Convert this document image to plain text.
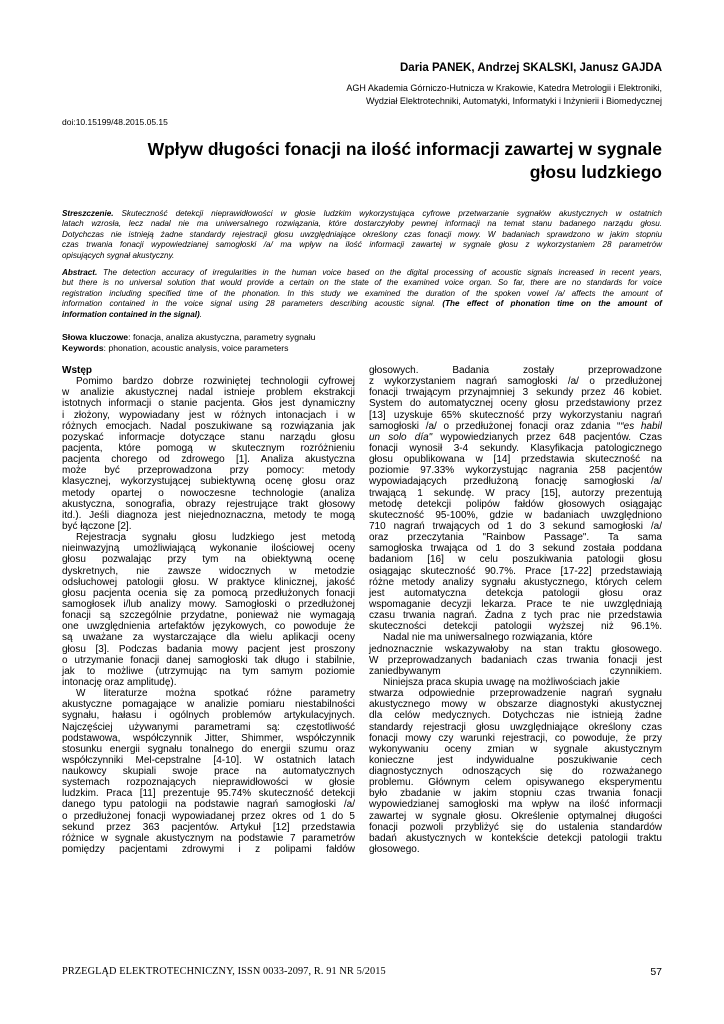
Daria PANEK, Andrzej SKALSKI, Janusz GAJDA
AGH Akademia Górniczo-Hutnicza w Krakowie, Katedra Metrologii i Elektroniki,
Wydział Elektrotechniki, Automatyki, Informatyki i Inżynierii i Biomedycznej
doi:10.15199/48.2015.05.15
Wpływ długości fonacji na ilość informacji zawartej w sygnale
głosu ludzkiego
Streszczenie. Skuteczność detekcji nieprawidłowości w głosie ludzkim wykorzystująca cyfrowe przetwarzanie sygnałów akustycznych w ostatnich
latach wzrosła, lecz nadal nie ma uniwersalnego rozwiązania, które dostarczyłoby pewnej informacji na temat stanu badanego narządu głosu.
Dotychczas nie istnieją żadne standardy rejestracji głosu uwzględniające określony czas fonacji mowy. W badaniach sprawdzono w jakim stopniu
czas trwania fonacji wypowiedzianej samogłoski /a/ ma wpływ na ilość informacji zawartej w sygnale głosu z wykorzystaniem 28 parametrów
opisujących sygnał akustyczny.
Abstract. The detection accuracy of irregularities in the human voice based on the digital processing of acoustic signals increased in recent years,
but there is no universal solution that would provide a certain on the state of the examined voice organ. So far, there are no standards for voice
registration including specified time of the phonation. In this study we examined the duration of the spoken vowel /a/ affects the amount of
information contained in the voice signal using 28 parameters describing acoustic signal. (The effect of phonation time on the amount of
information contained in the signal).
Słowa kluczowe: fonacja, analiza akustyczna, parametry sygnału
Keywords: phonation, acoustic analysis, voice parameters
Wstęp
Pomimo bardzo dobrze rozwiniętej technologii cyfrowej
w analizie akustycznej nadal istnieje problem ekstrakcji
istotnych informacji o stanie pacjenta. Głos jest dynamiczny
i złożony, wypowiadany jest w różnych intonacjach i w
różnych emocjach. Nadal poszukiwane są rozwiązania jak
pozyskać informacje dotyczące stanu narządu głosu
pacjenta, które pomogą w skutecznym rozróżnieniu
pacjenta chorego od zdrowego [1]. Analiza akustyczna
może być przeprowadzona przy pomocy: metody
klasycznej, wykorzystującej subiektywną ocenę głosu oraz
metody opartej o nowoczesne technologie (analiza
akustyczna, sonografia, obrazy rejestrujące trakt głosowy
itd.). Jeśli diagnoza jest niejednoznaczna, metody te mogą
być łączone [2].
Rejestracja sygnału głosu ludzkiego jest metodą
nieinwazyjną umożliwiającą wykonanie ilościowej oceny
głosu pozwalając przy tym na obiektywną ocenę
dyskretnych, nie zawsze widocznych w metodzie
odsłuchowej patologii głosu. W praktyce klinicznej, jakość
głosu pacjenta ocenia się za pomocą przedłużonych fonacji
samogłosek i/lub analizy mowy. Samogłoski o przedłużonej
fonacji są szczególnie przydatne, ponieważ nie wymagają
one uwzględnienia artefaktów językowych, co powoduje że
są uważane za wystarczające dla wielu aplikacji oceny
głosu [3]. Podczas badania mowy pacjent jest proszony
o utrzymanie fonacji danej samogłoski tak długo i stabilnie,
jak to możliwe (utrzymując na tym samym poziomie
intonację oraz amplitudę).
W literaturze można spotkać różne parametry
akustyczne pomagające w analizie pomiaru niestabilności
sygnału, hałasu i ogólnych problemów artykulacyjnych.
Najczęściej używanymi parametrami są: częstotliwość
podstawowa, współczynnik Jitter, Shimmer, współczynnik
stosunku energii sygnału tonalnego do energii szumu oraz
współczynniki Mel-cepstralne [4-10]. W ostatnich latach
naukowcy skupiali swoje prace na automatycznych
systemach rozpoznających nieprawidłowości w głosie
ludzkim. Praca [11] prezentuje 95.74% skuteczność detekcji
danego typu patologii na podstawie nagrań samogłoski /a/
o przedłużonej fonacji wypowiadanej przez okres od 1 do 5
sekund przez 363 pacjentów. Artykuł [12] przedstawia
różnice w sygnale akustycznym na podstawie 7 parametrów
pomiędzy pacjentami zdrowymi i z polipami fałdów
głosowych. Badania zostały przeprowadzone
z wykorzystaniem nagrań samogłoski /a/ o przedłużonej
fonacji trwającym przynajmniej 3 sekundy przez 46 kobiet.
System do automatycznej oceny głosu przedstawiony przez
[13] uzyskuje 65% skuteczność przy wykorzystaniu nagrań
samogłoski /a/ o przedłużonej fonacji oraz zdania ““es habil
un solo día" wypowiedzianych przez 648 pacjentów. Czas
fonacji wynosił 3-4 sekundy. Klasyfikacja patologicznego
głosu opublikowana w [14] przedstawia skuteczność na
poziomie 97.33% wykorzystując nagrania 258 pacjentów
wypowiadających przedłużoną fonację samogłoski /a/
trwającą 1 sekundę. W pracy [15], autorzy prezentują
metodę detekcji polipów fałdów głosowych osiągając
skuteczność 95-100%, gdzie w badaniach uwzględniono
710 nagrań trwających od 1 do 3 sekund samogłoski /a/
oraz przeczytania "Rainbow Passage". Ta sama
samogłoska trwająca od 1 do 3 sekund została poddana
badaniom [16] w celu poszukiwania patologii głosu
osiągając skuteczność 90.7%. Prace [17-22] przedstawiają
różne metody analizy sygnału akustycznego, których celem
jest automatyczna detekcja patologii głosu oraz
wspomaganie decyzji lekarza. Prace te nie uwzględniają
czasu trwania nagrań. Żadna z tych prac nie przedstawia
skuteczności detekcji patologii wyższej niż 96.1%.
Nadal nie ma uniwersalnego rozwiązania, które
jednoznacznie wskazywałoby na stan traktu głosowego.
W przeprowadzanych badaniach czas trwania fonacji jest
zaniedbywanym czynnikiem.
Niniejsza praca skupia uwagę na możliwościach jakie
stwarza odpowiednie przeprowadzenie nagrań sygnału
akustycznego mowy w obszarze diagnostyki akustycznej
dla celów medycznych. Dotychczas nie istnieją żadne
standardy rejestracji głosu uwzględniające określony czas
fonacji mowy czy warunki rejestracji, co powoduje, że przy
wykonywaniu oceny zmian w sygnale akustycznym
konieczne jest indywidualne poszukiwanie cech
diagnostycznych odnoszących się do rozważanego
problemu. Głównym celem opisywanego eksperymentu
było zbadanie w jakim stopniu czas trwania fonacji
wypowiedzianej samogłoski ma wpływ na ilość informacji
zawartej w sygnale głosu. Określenie optymalnej długości
fonacji pozwoli przybliżyć się do ustalenia standardów
badań akustycznych w kontekście detekcji patologii traktu
głosowego.
PRZEGLĄD ELEKTROTECHNICZNY, ISSN 0033-2097, R. 91 NR 5/2015	57
